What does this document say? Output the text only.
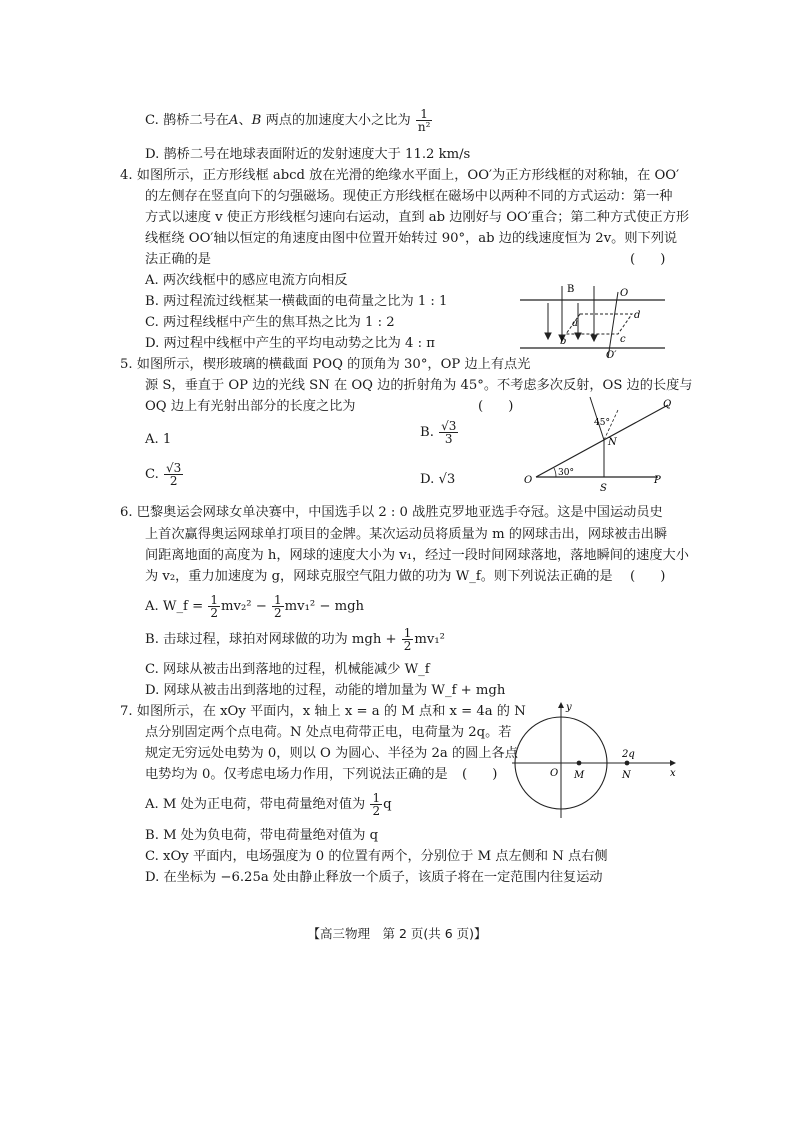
C. 鹊桥二号在A、B 两点的加速度大小之比为 $\frac{1}{\text{n²}}$
D. 鹊桥二号在地球表面附近的发射速度大于 11.2 km/s
4. 如图所示，正方形线框 abcd 放在光滑的绝缘水平面上，OO′为正方形线框的对称轴，在 OO′
的左侧存在竖直向下的匀强磁场。现使正方形线框在磁场中以两种不同的方式运动：第一种
方式以速度 v 使正方形线框匀速向右运动，直到 ab 边刚好与 OO′重合；第二种方式使正方形
线框绕 OO′轴以恒定的角速度由图中位置开始转过 90°，ab 边的线速度恒为 2v。则下列说
法正确的是	(      )
A. 两次线框中的感应电流方向相反
B. 两过程流过线框某一横截面的电荷量之比为 1 : 1
C. 两过程线框中产生的焦耳热之比为 1 : 2
D. 两过程中线框中产生的平均电动势之比为 4 : π
B	O
a
b	c
d
O′
5. 如图所示，楔形玻璃的横截面 POQ 的顶角为 30°，OP 边上有点光
源 S，垂直于 OP 边的光线 SN 在 OQ 边的折射角为 45°。不考虑多次反射，OS 边的长度与
OQ 边上有光射出部分的长度之比为	(      )
A. 1	B. $\frac{√3}{3}$
C. $\frac{√3}{2}$	D. √3
Q
N
O
S
P
45°
30°
6. 巴黎奥运会网球女单决赛中，中国选手以 2 : 0 战胜克罗地亚选手夺冠。这是中国运动员史
上首次赢得奥运网球单打项目的金牌。某次运动员将质量为 m 的网球击出，网球被击出瞬
间距离地面的高度为 h，网球的速度大小为 v₁，经过一段时间网球落地，落地瞬间的速度大小
为 v₂，重力加速度为 g，网球克服空气阻力做的功为 W_f。则下列说法正确的是 (      )
A. W_f = $\frac{1}{2} mv_2^2 - \frac{1}{2} mv_1^2$ − mgh
B. 击球过程，球拍对网球做的功为 mgh + $\frac{1}{2} mv_1^2$
C. 网球从被击出到落地的过程，机械能减少 W_f
D. 网球从被击出到落地的过程，动能的增加量为 W_f + mgh
7. 如图所示，在 xOy 平面内，x 轴上 x = a 的 M 点和 x = 4a 的 N
点分别固定两个点电荷。N 处点电荷带正电，电荷量为 2q。若
规定无穷远处电势为 0，则以 O 为圆心、半径为 2a 的圆上各点
电势均为 0。仅考虑电场力作用，下列说法正确的是 (      )
A. M 处为正电荷，带电荷量绝对值为 $\frac{1}{2}$ q
B. M 处为负电荷，带电荷量绝对值为 q
C. xOy 平面内，电场强度为 0 的位置有两个，分别位于 M 点左侧和 N 点右侧
D. 在坐标为 −6.25a 处由静止释放一个质子，该质子将在一定范围内往复运动
y
x
O M	N
2q
【高三物理　第 2 页(共 6 页)】
